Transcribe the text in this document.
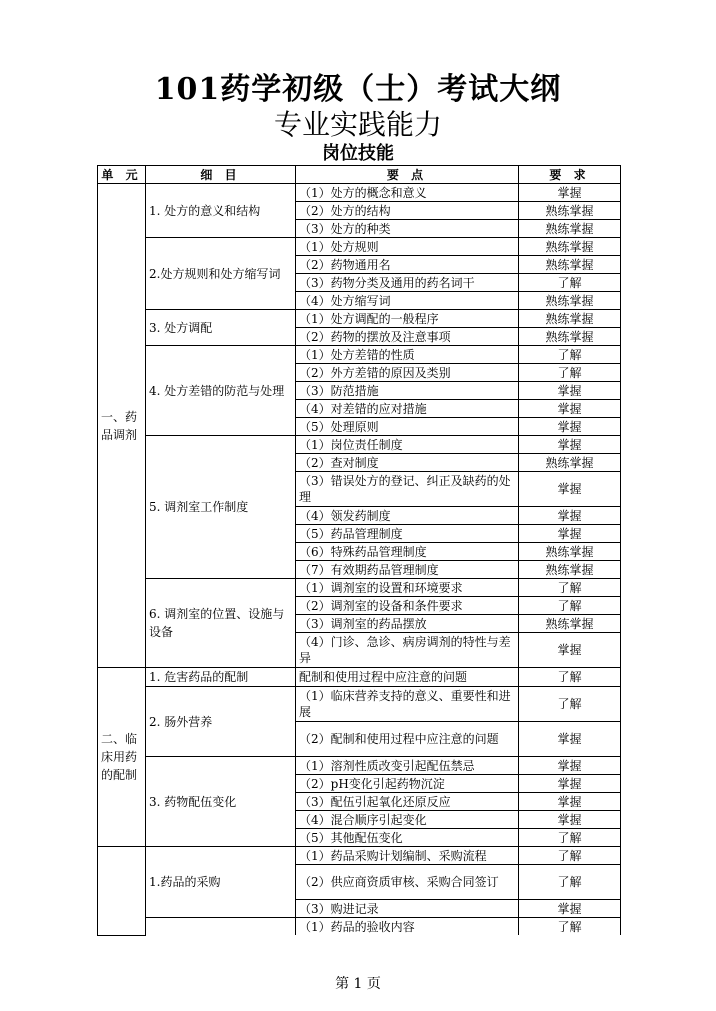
101药学初级（士）考试大纲
专业实践能力
岗位技能
单 元	细 目	要 点	要 求
一、药品调剂	1. 处方的意义和结构	（1）处方的概念和意义	掌握
		（2）处方的结构	熟练掌握
		（3）处方的种类	熟练掌握
	2.处方规则和处方缩写词	（1）处方规则	熟练掌握
		（2）药物通用名	熟练掌握
		（3）药物分类及通用的药名词干	了解
		（4）处方缩写词	熟练掌握
	3. 处方调配	（1）处方调配的一般程序	熟练掌握
		（2）药物的摆放及注意事项	熟练掌握
	4. 处方差错的防范与处理	（1）处方差错的性质	了解
		（2）外方差错的原因及类别	了解
		（3）防范措施	掌握
		（4）对差错的应对措施	掌握
		（5）处理原则	掌握
	5. 调剂室工作制度	（1）岗位责任制度	掌握
		（2）查对制度	熟练掌握
		（3）错误处方的登记、纠正及缺药的处理	掌握
		（4）领发药制度	掌握
		（5）药品管理制度	掌握
		（6）特殊药品管理制度	熟练掌握
		（7）有效期药品管理制度	熟练掌握
	6. 调剂室的位置、设施与设备	（1）调剂室的设置和环境要求	了解
		（2）调剂室的设备和条件要求	了解
		（3）调剂室的药品摆放	熟练掌握
		（4）门诊、急诊、病房调剂的特性与差异	掌握
二、临床用药的配制	1. 危害药品的配制	配制和使用过程中应注意的问题	了解
	2. 肠外营养	（1）临床营养支持的意义、重要性和进展	了解
		（2）配制和使用过程中应注意的问题	掌握
	3. 药物配伍变化	（1）溶剂性质改变引起配伍禁忌	掌握
		（2）pH变化引起药物沉淀	掌握
		（3）配伍引起氧化还原反应	掌握
		（4）混合顺序引起变化	掌握
		（5）其他配伍变化	了解
	1.药品的采购	（1）药品采购计划编制、采购流程	了解
		（2）供应商资质审核、采购合同签订	了解
		（3）购进记录	掌握
		（1）药品的验收内容	了解
第 1 页
